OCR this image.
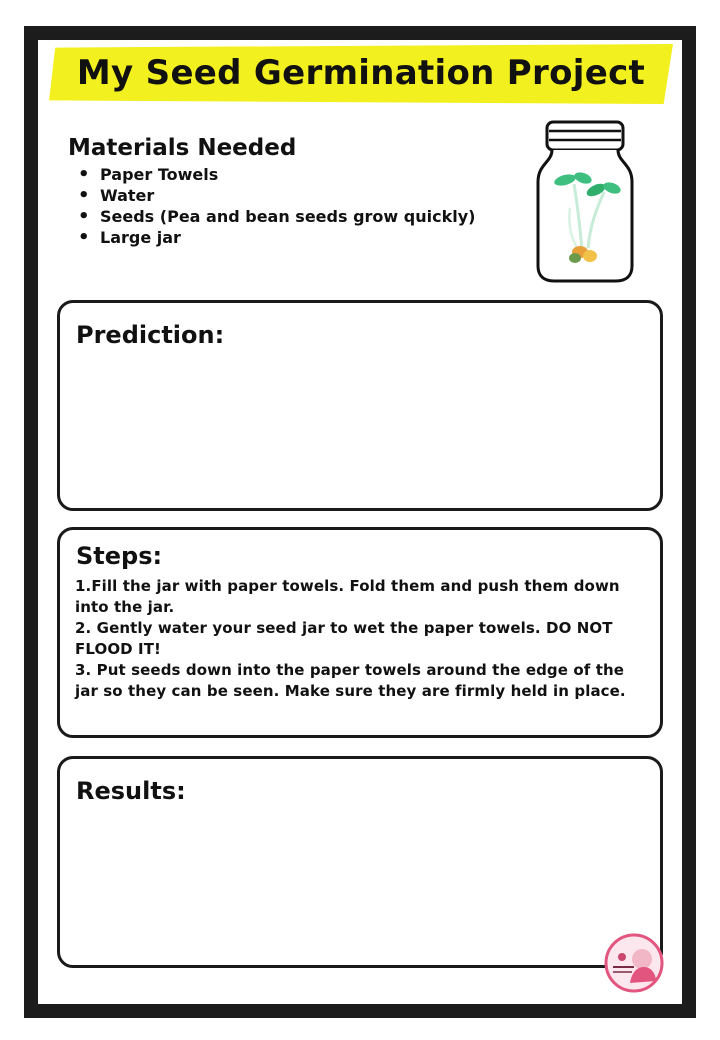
My Seed Germination Project
Materials Needed
• Paper Towels
• Water
• Seeds (Pea and bean seeds grow quickly)
• Large jar
Prediction:
Steps:

1.Fill the jar with paper towels. Fold them and push them down into the jar.

2. Gently water your seed jar to wet the paper towels. DO NOT FLOOD IT!

3. Put seeds down into the paper towels around the edge of the jar so they can be seen. Make sure they are firmly held in place.

Results:
